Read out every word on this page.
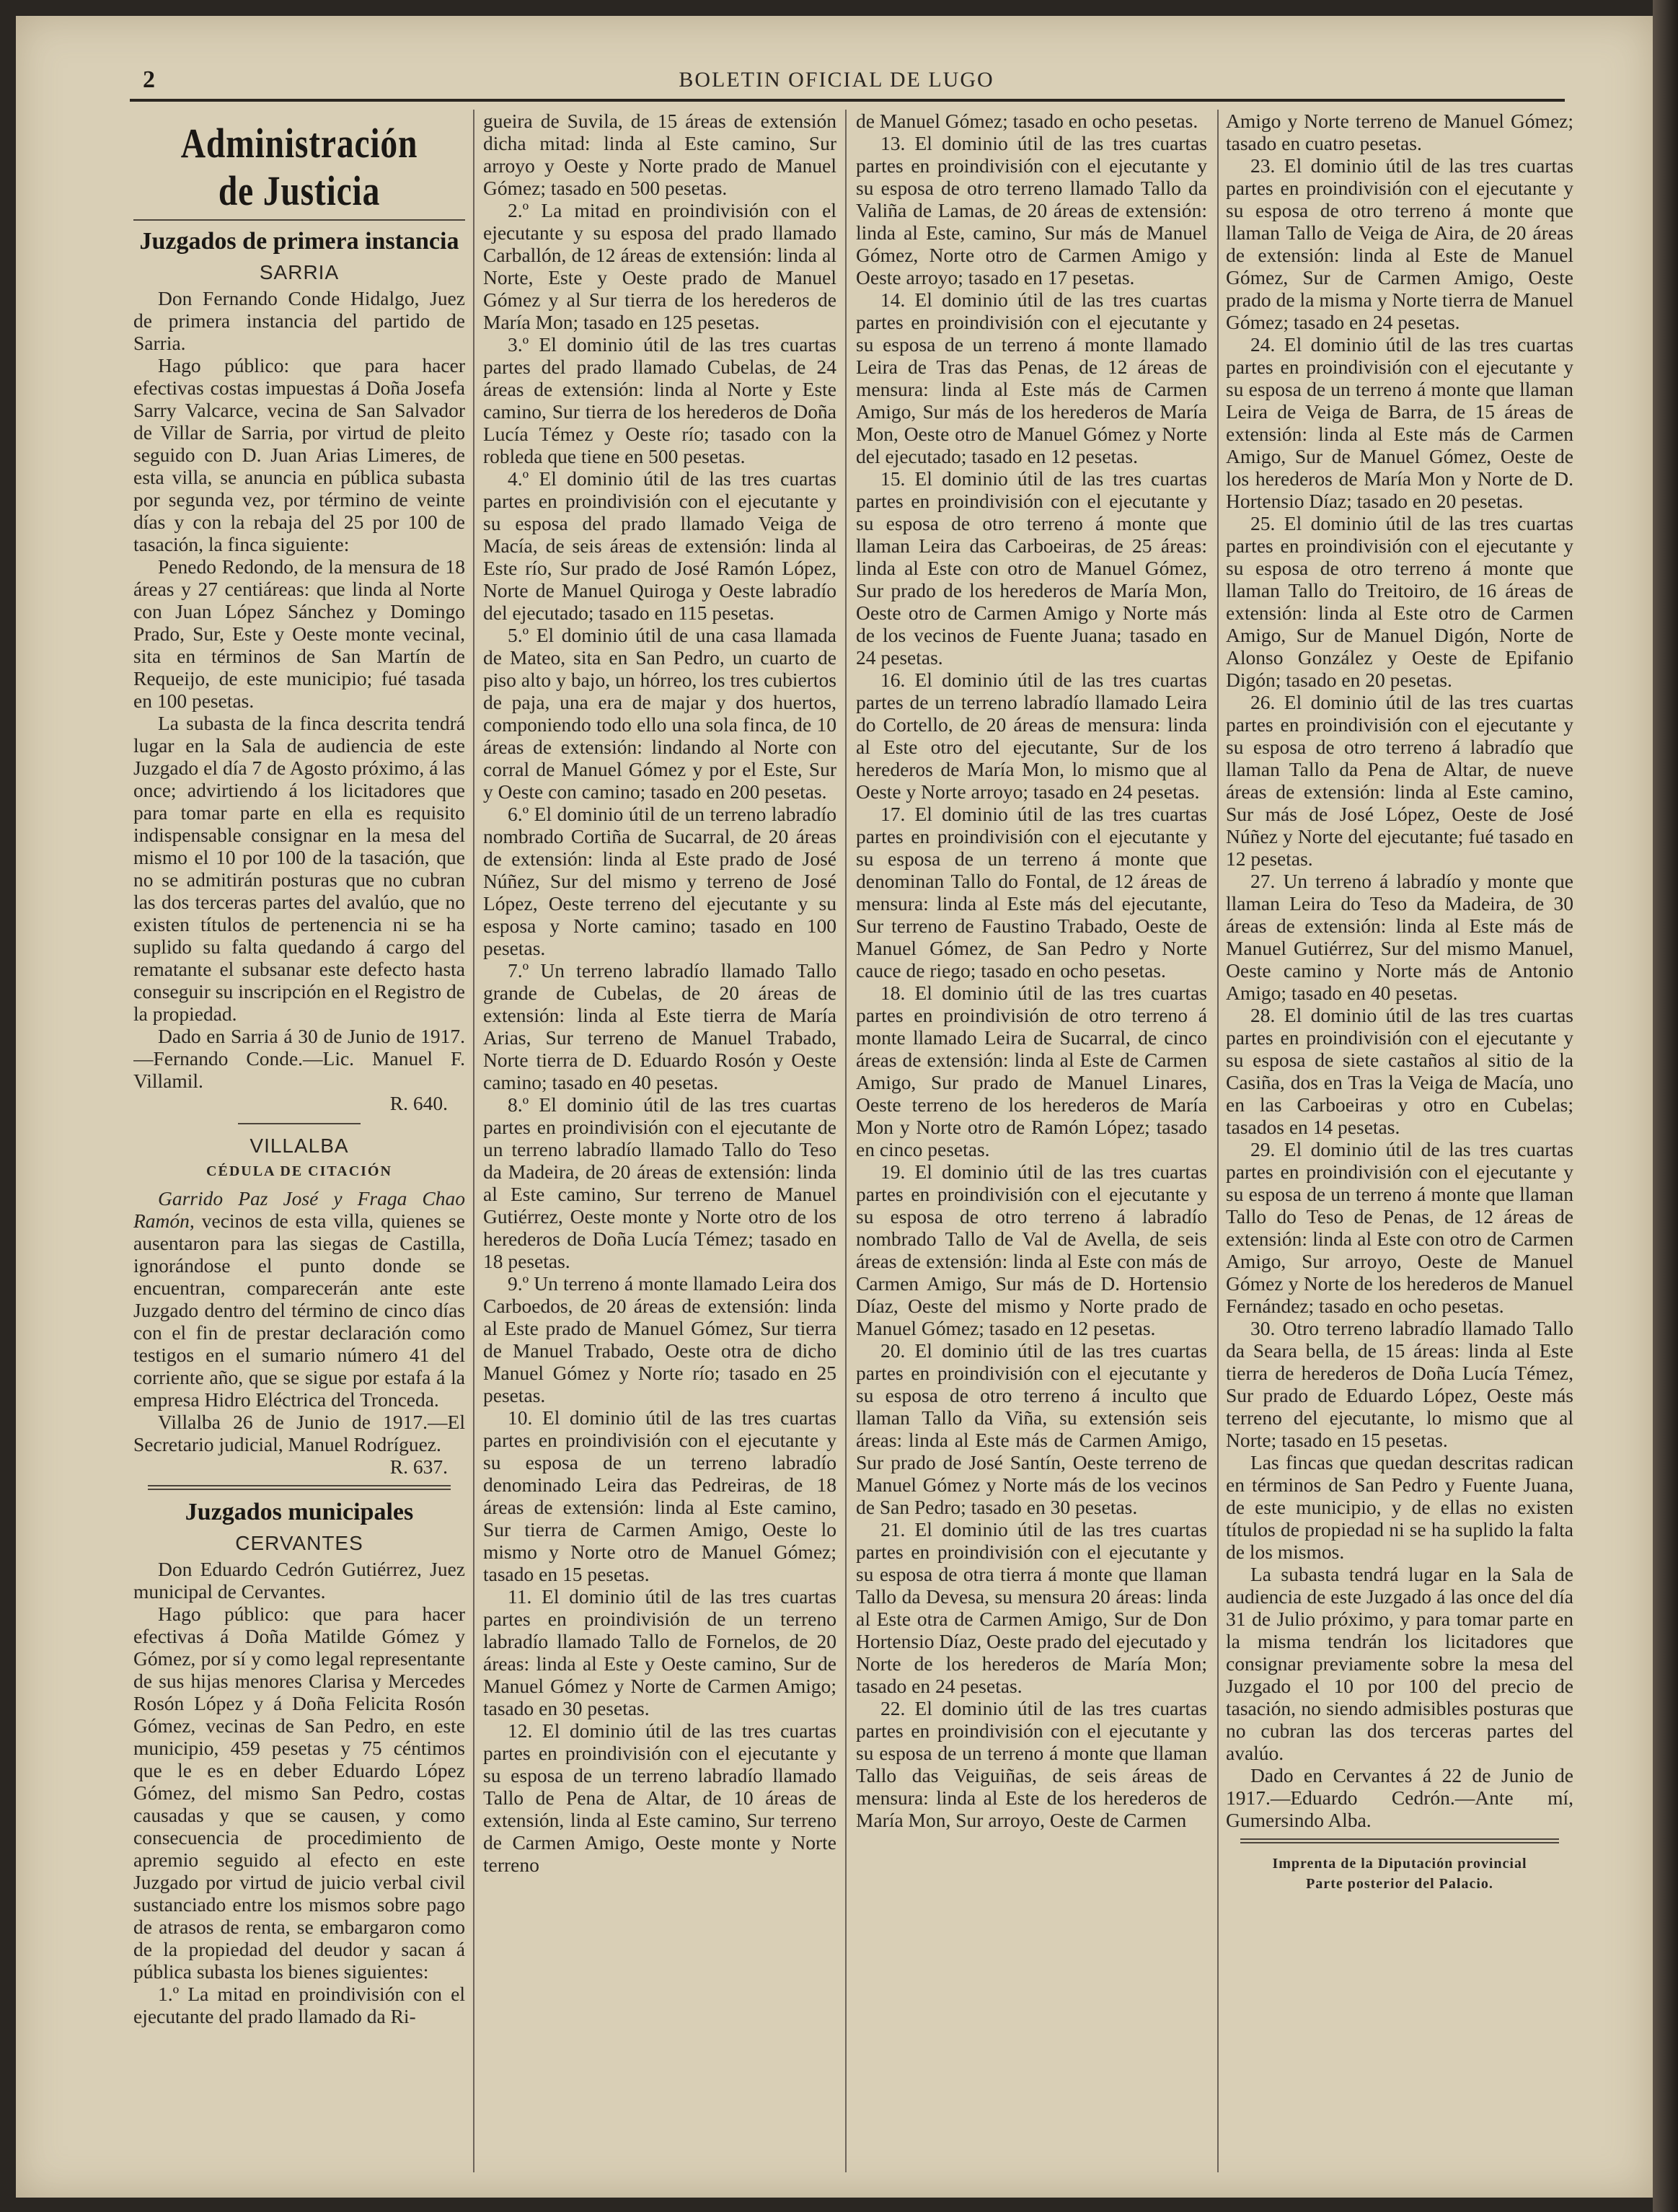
2	BOLETIN OFICIAL DE LUGO
Administración de Justicia
Juzgados de primera instancia
SARRIA

Don Fernando Conde Hidalgo, Juez de primera instancia del partido de Sarria.

Hago público: que para hacer efectivas costas impuestas á Doña Josefa Sarry Valcarce, vecina de San Salvador de Villar de Sarria, por virtud de pleito seguido con D. Juan Arias Limeres, de esta villa, se anuncia en pública subasta por segunda vez, por término de veinte días y con la rebaja del 25 por 100 de tasación, la finca siguiente:

Penedo Redondo, de la mensura de 18 áreas y 27 centiáreas: que linda al Norte con Juan López Sánchez y Domingo Prado, Sur, Este y Oeste monte vecinal, sita en términos de San Martín de Requeijo, de este municipio; fué tasada en 100 pesetas.

La subasta de la finca descrita tendrá lugar en la Sala de audiencia de este Juzgado el día 7 de Agosto próximo, á las once; advirtiendo á los licitadores que para tomar parte en ella es requisito indispensable consignar en la mesa del mismo el 10 por 100 de la tasación, que no se admitirán posturas que no cubran las dos terceras partes del avalúo, que no existen títulos de pertenencia ni se ha suplido su falta quedando á cargo del rematante el subsanar este defecto hasta conseguir su inscripción en el Registro de la propiedad.

Dado en Sarria á 30 de Junio de 1917.—Fernando Conde.—Lic. Manuel F. Villamil.

R. 640.
VILLALBA
CÉDULA DE CITACIÓN

Garrido Paz José y Fraga Chao Ramón, vecinos de esta villa, quienes se ausentaron para las siegas de Castilla, ignorándose el punto donde se encuentran, comparecerán ante este Juzgado dentro del término de cinco días con el fin de prestar declaración como testigos en el sumario número 41 del corriente año, que se sigue por estafa á la empresa Hidro Eléctrica del Tronceda.

Villalba 26 de Junio de 1917.—El Secretario judicial, Manuel Rodríguez.

R. 637.
Juzgados municipales
CERVANTES

Don Eduardo Cedrón Gutiérrez, Juez municipal de Cervantes.

Hago público: que para hacer efectivas á Doña Matilde Gómez y Gómez, por sí y como legal representante de sus hijas menores Clarisa y Mercedes Rosón López y á Doña Felicita Rosón Gómez, vecinas de San Pedro, en este municipio, 459 pesetas y 75 céntimos que le es en deber Eduardo López Gómez, del mismo San Pedro, costas causadas y que se causen, y como consecuencia de procedimiento de apremio seguido al efecto en este Juzgado por virtud de juicio verbal civil sustanciado entre los mismos sobre pago de atrasos de renta, se embargaron como de la propiedad del deudor y sacan á pública subasta los bienes siguientes:

1.º La mitad en proindivisión con el ejecutante del prado llamado da Ri-

gueira de Suvila, de 15 áreas de extensión dicha mitad: linda al Este camino, Sur arroyo y Oeste y Norte prado de Manuel Gómez; tasado en 500 pesetas.

2.º La mitad en proindivisión con el ejecutante y su esposa del prado llamado Carballón, de 12 áreas de extensión: linda al Norte, Este y Oeste prado de Manuel Gómez y al Sur tierra de los herederos de María Mon; tasado en 125 pesetas.

3.º El dominio útil de las tres cuartas partes del prado llamado Cubelas, de 24 áreas de extensión: linda al Norte y Este camino, Sur tierra de los herederos de Doña Lucía Témez y Oeste río; tasado con la robleda que tiene en 500 pesetas.

4.º El dominio útil de las tres cuartas partes en proindivisión con el ejecutante y su esposa del prado llamado Veiga de Macía, de seis áreas de extensión: linda al Este río, Sur prado de José Ramón López, Norte de Manuel Quiroga y Oeste labradío del ejecutado; tasado en 115 pesetas.

5.º El dominio útil de una casa llamada de Mateo, sita en San Pedro, un cuarto de piso alto y bajo, un hórreo, los tres cubiertos de paja, una era de majar y dos huertos, componiendo todo ello una sola finca, de 10 áreas de extensión: lindando al Norte con corral de Manuel Gómez y por el Este, Sur y Oeste con camino; tasado en 200 pesetas.

6.º El dominio útil de un terreno labradío nombrado Cortiña de Sucarral, de 20 áreas de extensión: linda al Este prado de José Núñez, Sur del mismo y terreno de José López, Oeste terreno del ejecutante y su esposa y Norte camino; tasado en 100 pesetas.

7.º Un terreno labradío llamado Tallo grande de Cubelas, de 20 áreas de extensión: linda al Este tierra de María Arias, Sur terreno de Manuel Trabado, Norte tierra de D. Eduardo Rosón y Oeste camino; tasado en 40 pesetas.

8.º El dominio útil de las tres cuartas partes en proindivisión con el ejecutante de un terreno labradío llamado Tallo do Teso da Madeira, de 20 áreas de extensión: linda al Este camino, Sur terreno de Manuel Gutiérrez, Oeste monte y Norte otro de los herederos de Doña Lucía Témez; tasado en 18 pesetas.

9.º Un terreno á monte llamado Leira dos Carboedos, de 20 áreas de extensión: linda al Este prado de Manuel Gómez, Sur tierra de Manuel Trabado, Oeste otra de dicho Manuel Gómez y Norte río; tasado en 25 pesetas.

10. El dominio útil de las tres cuartas partes en proindivisión con el ejecutante y su esposa de un terreno labradío denominado Leira das Pedreiras, de 18 áreas de extensión: linda al Este camino, Sur tierra de Carmen Amigo, Oeste lo mismo y Norte otro de Manuel Gómez; tasado en 15 pesetas.

11. El dominio útil de las tres cuartas partes en proindivisión de un terreno labradío llamado Tallo de Fornelos, de 20 áreas: linda al Este y Oeste camino, Sur de Manuel Gómez y Norte de Carmen Amigo; tasado en 30 pesetas.

12. El dominio útil de las tres cuartas partes en proindivisión con el ejecutante y su esposa de un terreno labradío llamado Tallo de Pena de Altar, de 10 áreas de extensión, linda al Este camino, Sur terreno de Carmen Amigo, Oeste monte y Norte terreno

de Manuel Gómez; tasado en ocho pesetas.

13. El dominio útil de las tres cuartas partes en proindivisión con el ejecutante y su esposa de otro terreno llamado Tallo da Valiña de Lamas, de 20 áreas de extensión: linda al Este, camino, Sur más de Manuel Gómez, Norte otro de Carmen Amigo y Oeste arroyo; tasado en 17 pesetas.

14. El dominio útil de las tres cuartas partes en proindivisión con el ejecutante y su esposa de un terreno á monte llamado Leira de Tras das Penas, de 12 áreas de mensura: linda al Este más de Carmen Amigo, Sur más de los herederos de María Mon, Oeste otro de Manuel Gómez y Norte del ejecutado; tasado en 12 pesetas.

15. El dominio útil de las tres cuartas partes en proindivisión con el ejecutante y su esposa de otro terreno á monte que llaman Leira das Carboeiras, de 25 áreas: linda al Este con otro de Manuel Gómez, Sur prado de los herederos de María Mon, Oeste otro de Carmen Amigo y Norte más de los vecinos de Fuente Juana; tasado en 24 pesetas.

16. El dominio útil de las tres cuartas partes de un terreno labradío llamado Leira do Cortello, de 20 áreas de mensura: linda al Este otro del ejecutante, Sur de los herederos de María Mon, lo mismo que al Oeste y Norte arroyo; tasado en 24 pesetas.

17. El dominio útil de las tres cuartas partes en proindivisión con el ejecutante y su esposa de un terreno á monte que denominan Tallo do Fontal, de 12 áreas de mensura: linda al Este más del ejecutante, Sur terreno de Faustino Trabado, Oeste de Manuel Gómez, de San Pedro y Norte cauce de riego; tasado en ocho pesetas.

18. El dominio útil de las tres cuartas partes en proindivisión de otro terreno á monte llamado Leira de Sucarral, de cinco áreas de extensión: linda al Este de Carmen Amigo, Sur prado de Manuel Linares, Oeste terreno de los herederos de María Mon y Norte otro de Ramón López; tasado en cinco pesetas.

19. El dominio útil de las tres cuartas partes en proindivisión con el ejecutante y su esposa de otro terreno á labradío nombrado Tallo de Val de Avella, de seis áreas de extensión: linda al Este con más de Carmen Amigo, Sur más de D. Hortensio Díaz, Oeste del mismo y Norte prado de Manuel Gómez; tasado en 12 pesetas.

20. El dominio útil de las tres cuartas partes en proindivisión con el ejecutante y su esposa de otro terreno á inculto que llaman Tallo da Viña, su extensión seis áreas: linda al Este más de Carmen Amigo, Sur prado de José Santín, Oeste terreno de Manuel Gómez y Norte más de los vecinos de San Pedro; tasado en 30 pesetas.

21. El dominio útil de las tres cuartas partes en proindivisión con el ejecutante y su esposa de otra tierra á monte que llaman Tallo da Devesa, su mensura 20 áreas: linda al Este otra de Carmen Amigo, Sur de Don Hortensio Díaz, Oeste prado del ejecutado y Norte de los herederos de María Mon; tasado en 24 pesetas.

22. El dominio útil de las tres cuartas partes en proindivisión con el ejecutante y su esposa de un terreno á monte que llaman Tallo das Veiguiñas, de seis áreas de mensura: linda al Este de los herederos de María Mon, Sur arroyo, Oeste de Carmen

Amigo y Norte terreno de Manuel Gómez; tasado en cuatro pesetas.

23. El dominio útil de las tres cuartas partes en proindivisión con el ejecutante y su esposa de otro terreno á monte que llaman Tallo de Veiga de Aira, de 20 áreas de extensión: linda al Este de Manuel Gómez, Sur de Carmen Amigo, Oeste prado de la misma y Norte tierra de Manuel Gómez; tasado en 24 pesetas.

24. El dominio útil de las tres cuartas partes en proindivisión con el ejecutante y su esposa de un terreno á monte que llaman Leira de Veiga de Barra, de 15 áreas de extensión: linda al Este más de Carmen Amigo, Sur de Manuel Gómez, Oeste de los herederos de María Mon y Norte de D. Hortensio Díaz; tasado en 20 pesetas.

25. El dominio útil de las tres cuartas partes en proindivisión con el ejecutante y su esposa de otro terreno á monte que llaman Tallo do Treitoiro, de 16 áreas de extensión: linda al Este otro de Carmen Amigo, Sur de Manuel Digón, Norte de Alonso González y Oeste de Epifanio Digón; tasado en 20 pesetas.

26. El dominio útil de las tres cuartas partes en proindivisión con el ejecutante y su esposa de otro terreno á labradío que llaman Tallo da Pena de Altar, de nueve áreas de extensión: linda al Este camino, Sur más de José López, Oeste de José Núñez y Norte del ejecutante; fué tasado en 12 pesetas.

27. Un terreno á labradío y monte que llaman Leira do Teso da Madeira, de 30 áreas de extensión: linda al Este más de Manuel Gutiérrez, Sur del mismo Manuel, Oeste camino y Norte más de Antonio Amigo; tasado en 40 pesetas.

28. El dominio útil de las tres cuartas partes en proindivisión con el ejecutante y su esposa de siete castaños al sitio de la Casiña, dos en Tras la Veiga de Macía, uno en las Carboeiras y otro en Cubelas; tasados en 14 pesetas.

29. El dominio útil de las tres cuartas partes en proindivisión con el ejecutante y su esposa de un terreno á monte que llaman Tallo do Teso de Penas, de 12 áreas de extensión: linda al Este con otro de Carmen Amigo, Sur arroyo, Oeste de Manuel Gómez y Norte de los herederos de Manuel Fernández; tasado en ocho pesetas.

30. Otro terreno labradío llamado Tallo da Seara bella, de 15 áreas: linda al Este tierra de herederos de Doña Lucía Témez, Sur prado de Eduardo López, Oeste más terreno del ejecutante, lo mismo que al Norte; tasado en 15 pesetas.

Las fincas que quedan descritas radican en términos de San Pedro y Fuente Juana, de este municipio, y de ellas no existen títulos de propiedad ni se ha suplido la falta de los mismos.

La subasta tendrá lugar en la Sala de audiencia de este Juzgado á las once del día 31 de Julio próximo, y para tomar parte en la misma tendrán los licitadores que consignar previamente sobre la mesa del Juzgado el 10 por 100 del precio de tasación, no siendo admisibles posturas que no cubran las dos terceras partes del avalúo.

Dado en Cervantes á 22 de Junio de 1917.—Eduardo Cedrón.—Ante mí, Gumersindo Alba.

Imprenta de la Diputación provincial
Parte posterior del Palacio.
